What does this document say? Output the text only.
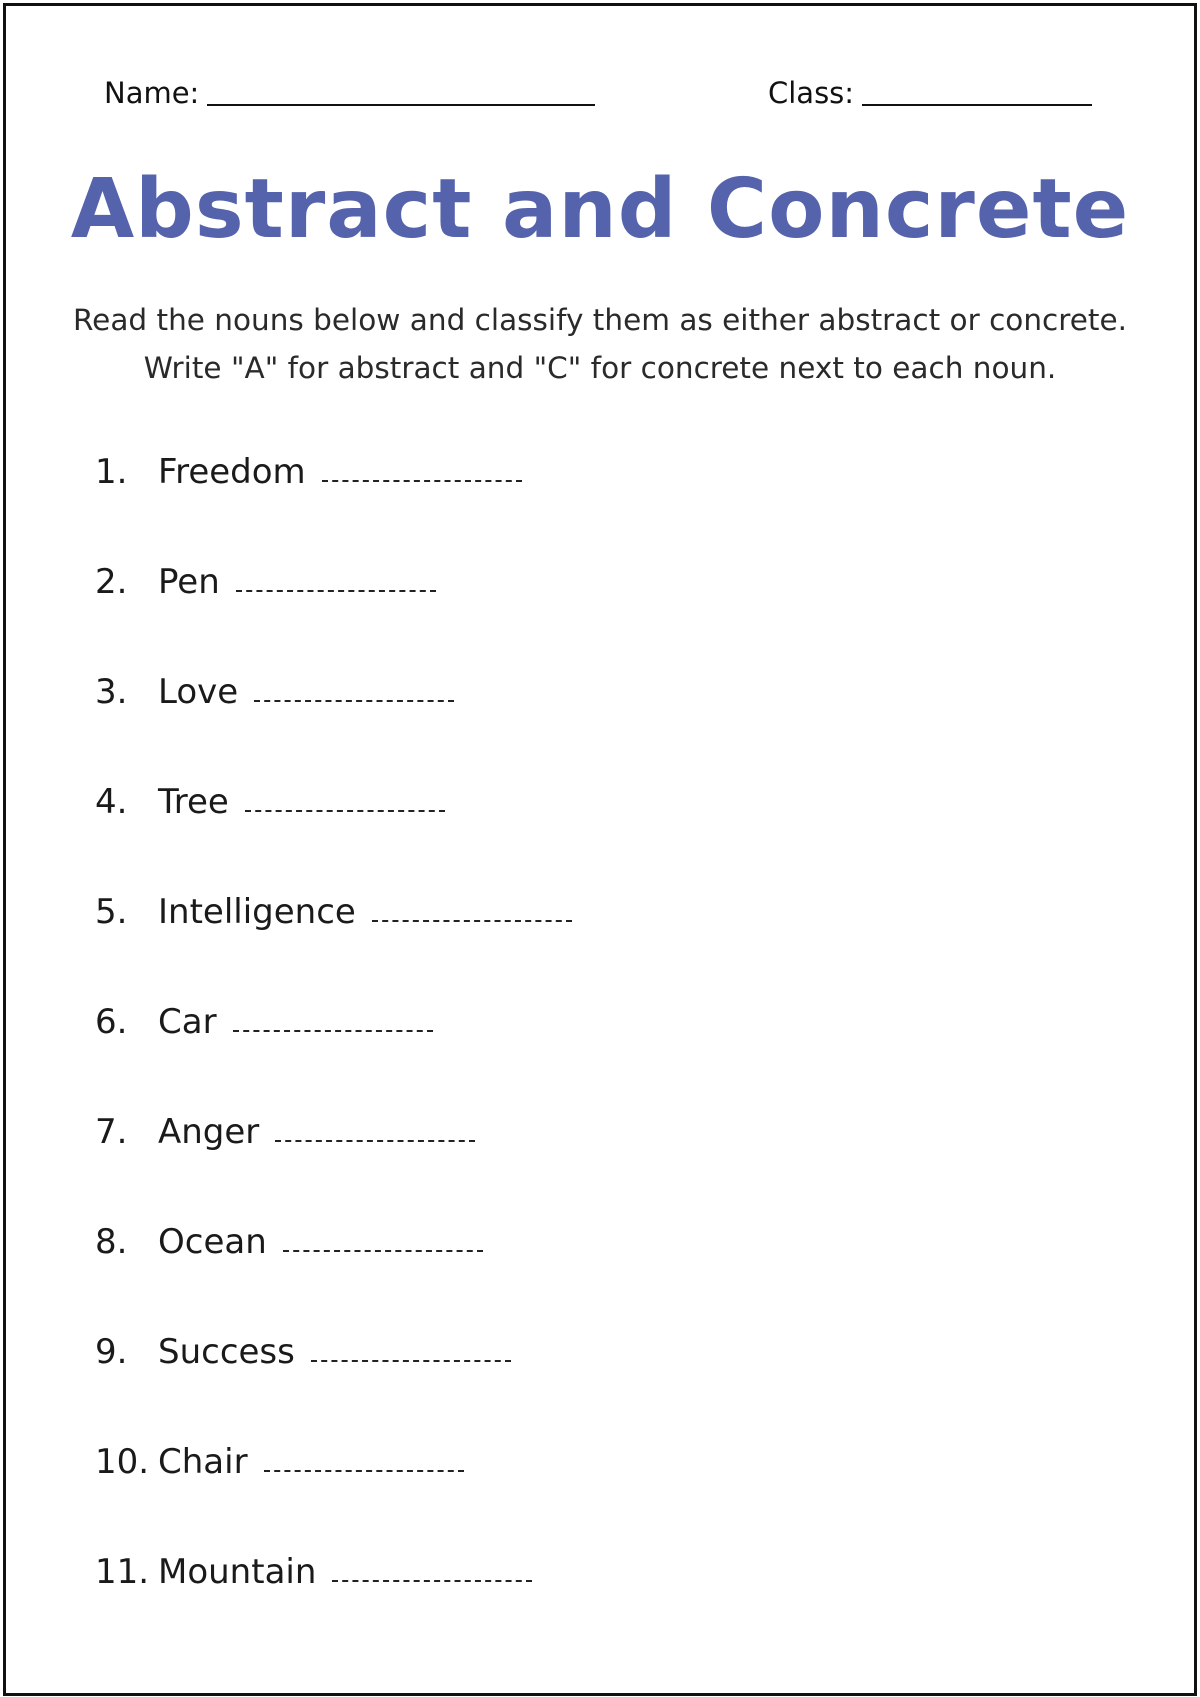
Name:	Class:
Abstract and Concrete

Read the nouns below and classify them as either abstract or concrete.

Write "A" for abstract and "C" for concrete next to each noun.

1. Freedom
2. Pen
3. Love
4. Tree
5. Intelligence
6. Car
7. Anger
8. Ocean
9. Success
10. Chair
11. Mountain
